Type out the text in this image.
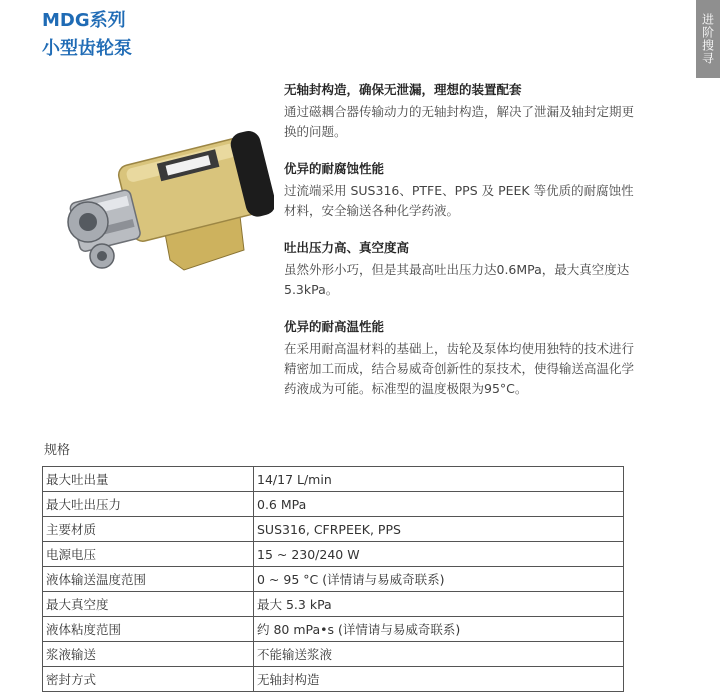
MDG系列
小型齿轮泵	进阶搜寻
无轴封构造，确保无泄漏，理想的装置配套

通过磁耦合器传输动力的无轴封构造，解决了泄漏及轴封定期更换的问题。

优异的耐腐蚀性能

过流端采用 SUS316、PTFE、PPS 及 PEEK 等优质的耐腐蚀性材料，安全输送各种化学药液。

吐出压力高、真空度高

虽然外形小巧，但是其最高吐出压力达0.6MPa，最大真空度达5.3kPa。

优异的耐高温性能

在采用耐高温材料的基础上，齿轮及泵体均使用独特的技术进行精密加工而成，结合易威奇创新性的泵技术，使得输送高温化学药液成为可能。标准型的温度极限为95°C。

规格
最大吐出量	14/17 L/min
最大吐出压力	0.6 MPa
主要材质	SUS316, CFRPEEK, PPS
电源电压	15 ~ 230/240 W
液体输送温度范围	0 ~ 95 °C (详情请与易威奇联系)
最大真空度	最大 5.3 kPa
液体粘度范围	约 80 mPa•s (详情请与易威奇联系)
浆液输送	不能输送浆液
密封方式	无轴封构造
